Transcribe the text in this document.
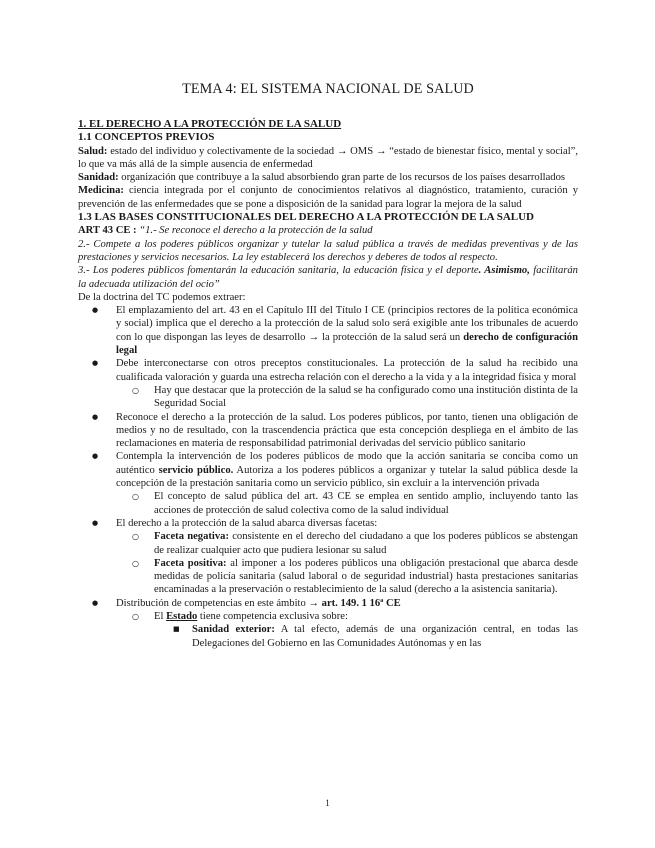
TEMA 4: EL SISTEMA NACIONAL DE SALUD
1. EL DERECHO A LA PROTECCIÓN DE LA SALUD
1.1 CONCEPTOS PREVIOS

Salud: estado del individuo y colectivamente de la sociedad → OMS → “estado de bienestar físico, mental y social”, lo que va más allá de la simple ausencia de enfermedad

Sanidad: organización que contribuye a la salud absorbiendo gran parte de los recursos de los países desarrollados

Medicina: ciencia integrada por el conjunto de conocimientos relativos al diagnóstico, tratamiento, curación y prevención de las enfermedades que se pone a disposición de la sanidad para lograr la mejora de la salud

1.3 LAS BASES CONSTITUCIONALES DEL DERECHO A LA PROTECCIÓN DE LA SALUD

ART 43 CE : “1.- Se reconoce el derecho a la protección de la salud

2.- Compete a los poderes públicos organizar y tutelar la salud pública a través de medidas preventivas y de las prestaciones y servicios necesarios. La ley establecerá los derechos y deberes de todos al respecto.

3.- Los poderes públicos fomentarán la educación sanitaria, la educación física y el deporte. Asimismo, facilitarán la adecuada utilización del ocio”

De la doctrina del TC podemos extraer:

● El emplazamiento del art. 43 en el Capítulo III del Título I CE (principios rectores de la política económica y social) implica que el derecho a la protección de la salud solo será exigible ante los tribunales de acuerdo con lo que dispongan las leyes de desarrollo → la protección de la salud será un derecho de configuración legal
● Debe interconectarse con otros preceptos constitucionales. La protección de la salud ha recibido una cualificada valoración y guarda una estrecha relación con el derecho a la vida y a la integridad física y moral
○ Hay que destacar que la protección de la salud se ha configurado como una institución distinta de la Seguridad Social
● Reconoce el derecho a la protección de la salud. Los poderes públicos, por tanto, tienen una obligación de medios y no de resultado, con la trascendencia práctica que esta concepción despliega en el ámbito de las reclamaciones en materia de responsabilidad patrimonial derivadas del servicio público sanitario
● Contempla la intervención de los poderes públicos de modo que la acción sanitaria se conciba como un auténtico servicio público. Autoriza a los poderes públicos a organizar y tutelar la salud pública desde la concepción de la prestación sanitaria como un servicio público, sin excluir a la intervención privada
○ El concepto de salud pública del art. 43 CE se emplea en sentido amplio, incluyendo tanto las acciones de protección de salud colectiva como de la salud individual
● El derecho a la protección de la salud abarca diversas facetas:
○ Faceta negativa: consistente en el derecho del ciudadano a que los poderes públicos se abstengan de realizar cualquier acto que pudiera lesionar su salud
○ Faceta positiva: al imponer a los poderes públicos una obligación prestacional que abarca desde medidas de policía sanitaria (salud laboral o de seguridad industrial) hasta prestaciones sanitarias encaminadas a la preservación o restablecimiento de la salud (derecho a la asistencia sanitaria).
● Distribución de competencias en este ámbito → art. 149. 1 16ª CE
○ El Estado tiene competencia exclusiva sobre:
■ Sanidad exterior: A tal efecto, además de una organización central, en todas las Delegaciones del Gobierno en las Comunidades Autónomas y en las
1
